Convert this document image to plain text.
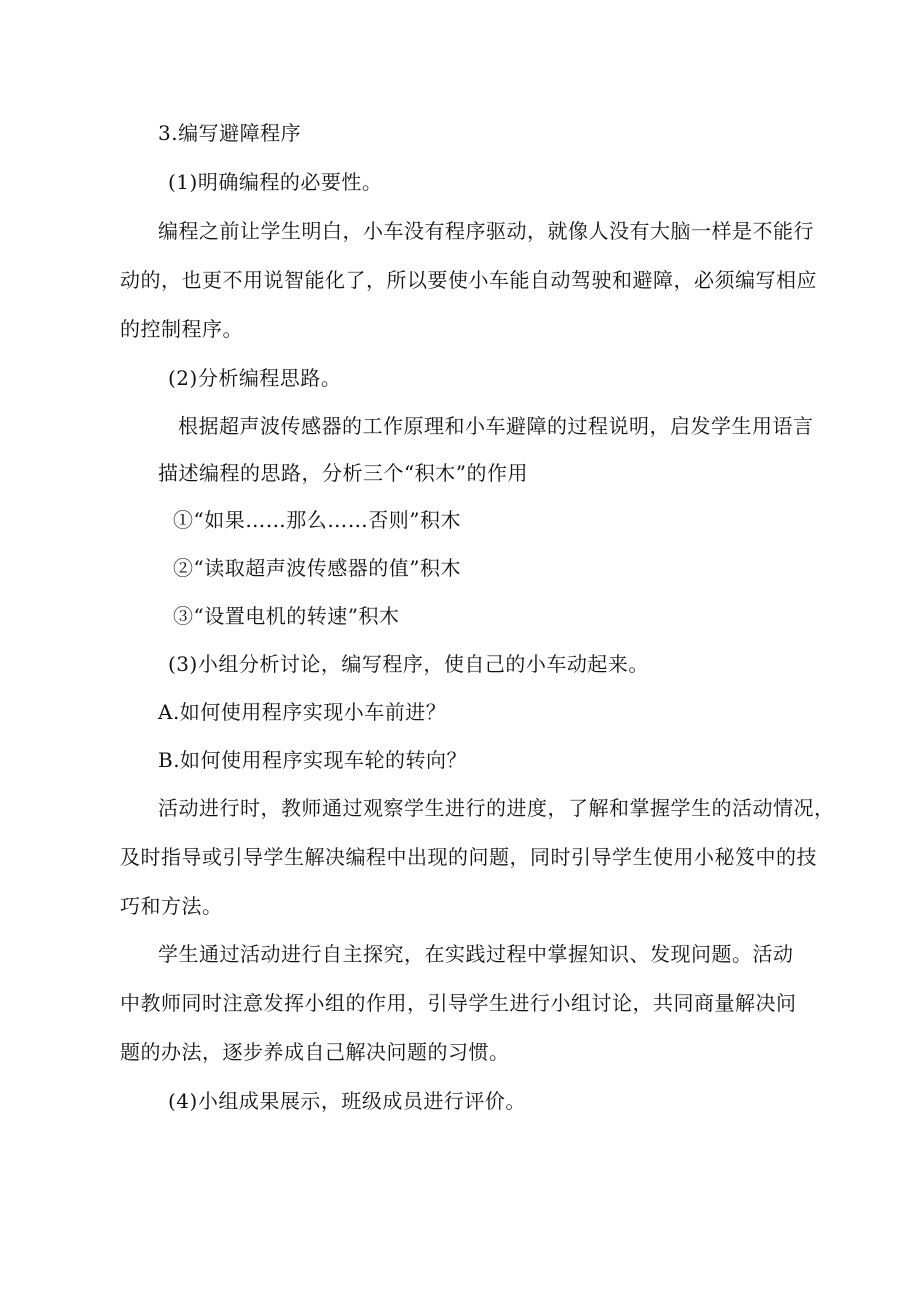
3.编写避障程序

(1)明确编程的必要性。

编程之前让学生明白，小车没有程序驱动，就像人没有大脑一样是不能行

动的，也更不用说智能化了，所以要使小车能自动驾驶和避障，必须编写相应

的控制程序。

(2)分析编程思路。

根据超声波传感器的工作原理和小车避障的过程说明，启发学生用语言

描述编程的思路，分析三个“积木”的作用

①“如果……那么……否则”积木

②“读取超声波传感器的值”积木

③“设置电机的转速”积木

(3)小组分析讨论，编写程序，使自己的小车动起来。

A.如何使用程序实现小车前进？

B.如何使用程序实现车轮的转向？

活动进行时，教师通过观察学生进行的进度，了解和掌握学生的活动情况，

及时指导或引导学生解决编程中出现的问题，同时引导学生使用小秘笈中的技

巧和方法。

学生通过活动进行自主探究，在实践过程中掌握知识、发现问题。活动

中教师同时注意发挥小组的作用，引导学生进行小组讨论，共同商量解决问

题的办法，逐步养成自己解决问题的习惯。

(4)小组成果展示，班级成员进行评价。
